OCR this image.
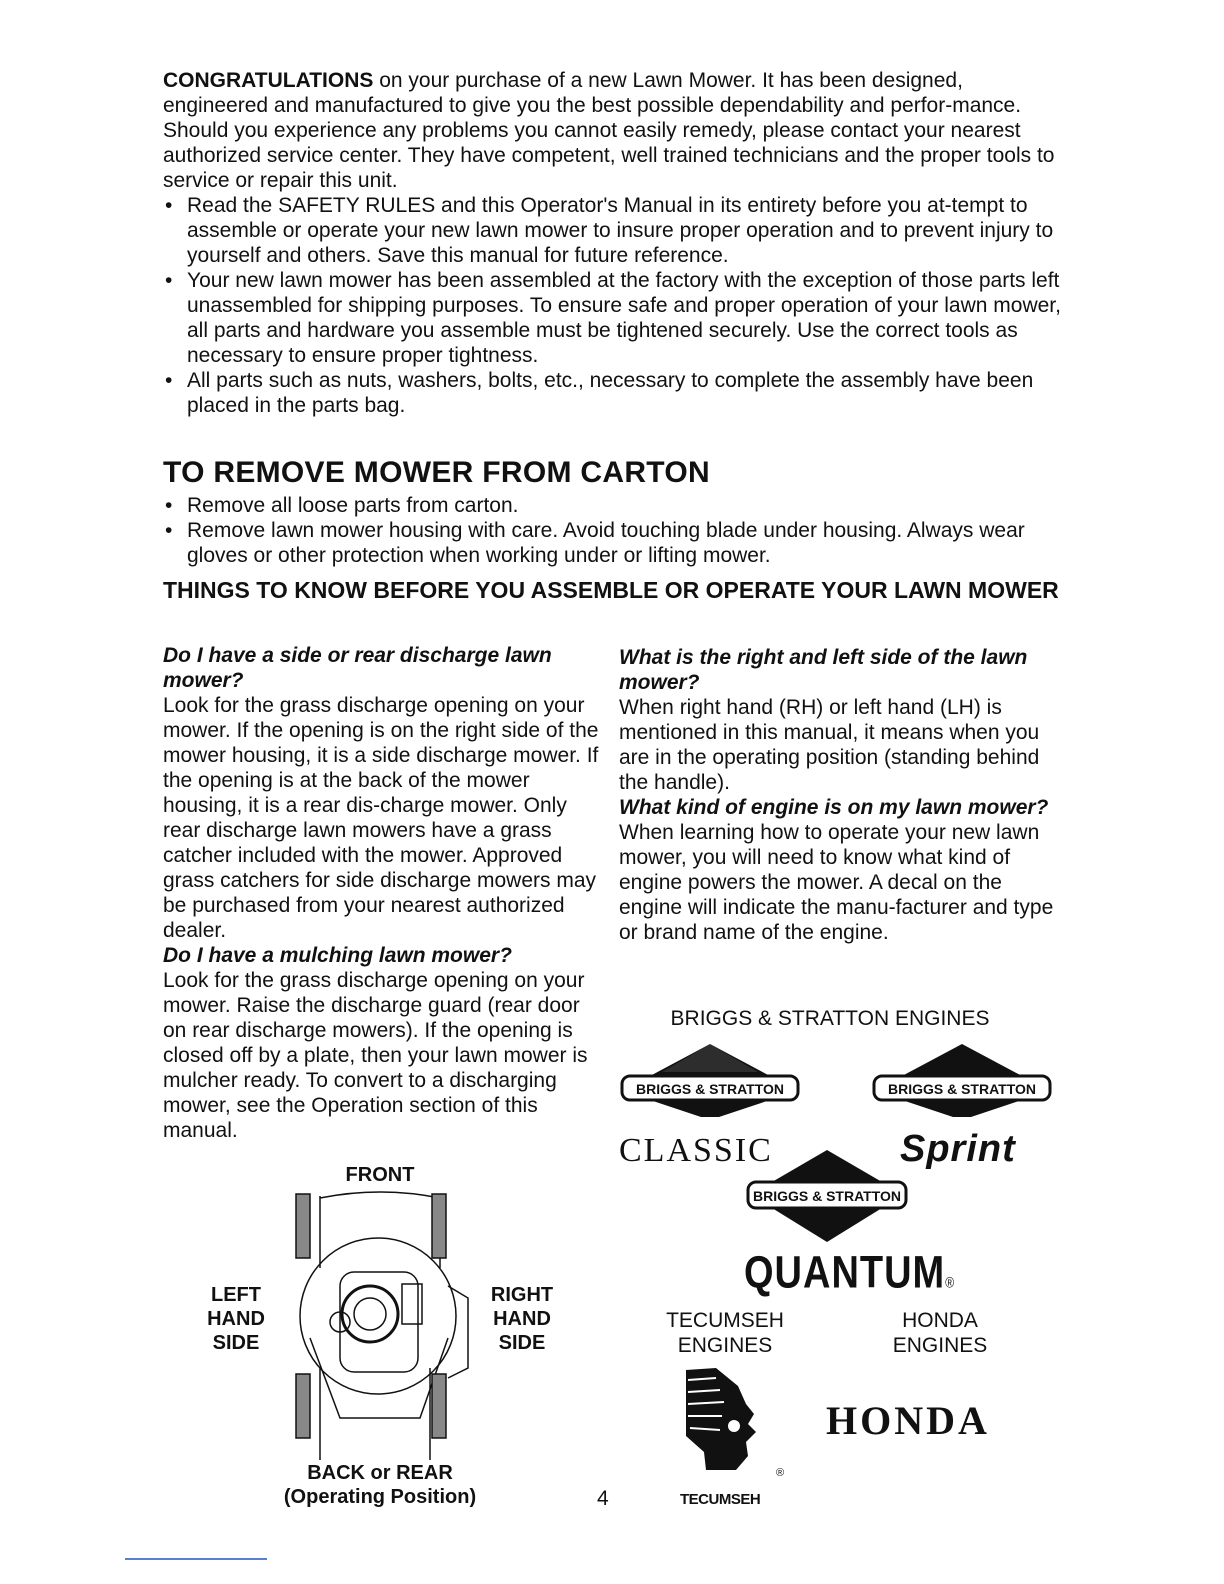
CONGRATULATIONS on your purchase of a new Lawn Mower. It has been designed, engineered and manufactured to give you the best possible dependability and perfor-mance.

Should you experience any problems you cannot easily remedy, please contact your nearest authorized service center. They have competent, well trained technicians and the proper tools to service or repair this unit.

• Read the SAFETY RULES and this Operator's Manual in its entirety before you at-tempt to assemble or operate your new lawn mower to insure proper operation and to prevent injury to yourself and others. Save this manual for future reference.
• Your new lawn mower has been assembled at the factory with the exception of those parts left unassembled for shipping purposes. To ensure safe and proper operation of your lawn mower, all parts and hardware you assemble must be tightened securely. Use the correct tools as necessary to ensure proper tightness.
• All parts such as nuts, washers, bolts, etc., necessary to complete the assembly have been placed in the parts bag.
TO REMOVE MOWER FROM CARTON
• Remove all loose parts from carton.
• Remove lawn mower housing with care. Avoid touching blade under housing. Always wear gloves or other protection when working under or lifting mower.
THINGS TO KNOW BEFORE YOU ASSEMBLE OR OPERATE YOUR LAWN MOWER

Do I have a side or rear discharge lawn mower?

Look for the grass discharge opening on your mower. If the opening is on the right side of the mower housing, it is a side discharge mower. If the opening is at the back of the mower housing, it is a rear dis-charge mower. Only rear discharge lawn mowers have a grass catcher included with the mower. Approved grass catchers for side discharge mowers may be purchased from your nearest authorized dealer.

Do I have a mulching lawn mower?

Look for the grass discharge opening on your mower. Raise the discharge guard (rear door on rear discharge mowers). If the opening is closed off by a plate, then your lawn mower is mulcher ready. To convert to a discharging mower, see the Operation section of this manual.

FRONT
LEFT
HAND
SIDE
RIGHT
HAND
SIDE
BACK or REAR
(Operating Position)

What is the right and left side of the lawn mower?

When right hand (RH) or left hand (LH) is mentioned in this manual, it means when you are in the operating position (standing behind the handle).

What kind of engine is on my lawn mower?

When learning how to operate your new lawn mower, you will need to know what kind of engine powers the mower. A decal on the engine will indicate the manu-facturer and type or brand name of the engine.

BRIGGS & STRATTON ENGINES
BRIGGS & STRATTON
CLASSIC
BRIGGS & STRATTON
Sprint
BRIGGS & STRATTON
QUANTUM®
TECUMSEH
ENGINES
HONDA
ENGINES
®
TECUMSEH
HONDA
4
